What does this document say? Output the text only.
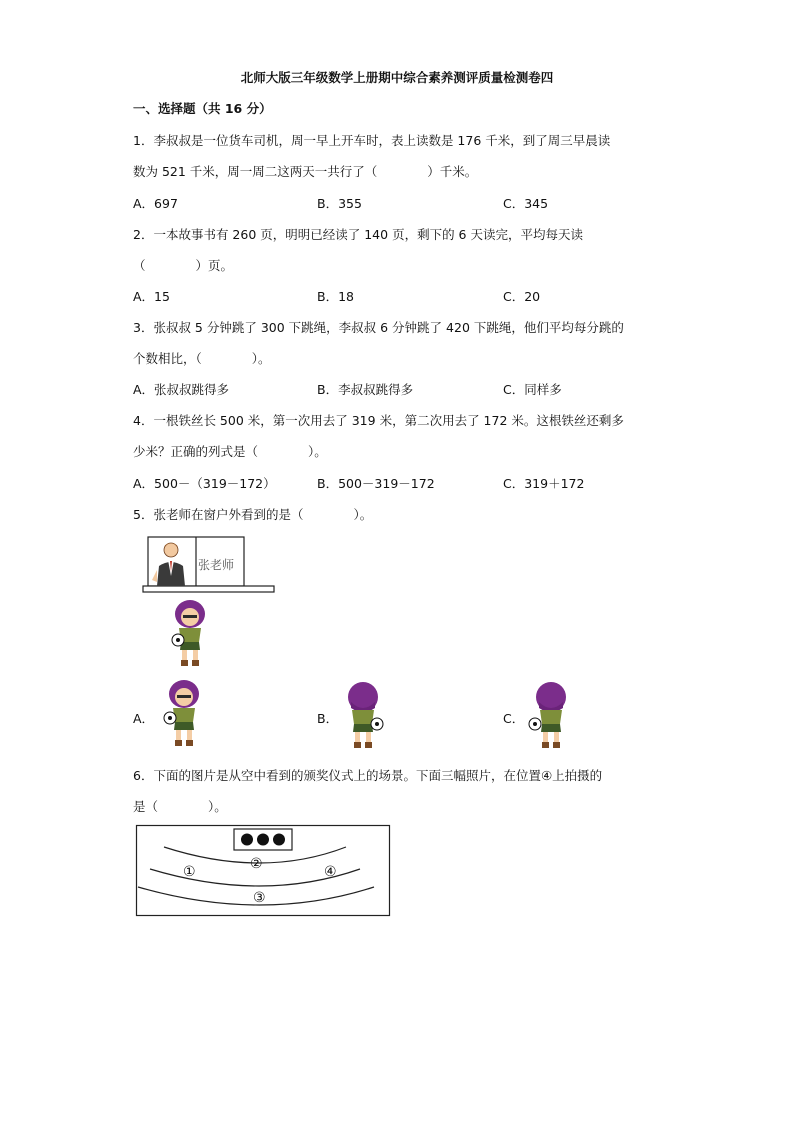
北师大版三年级数学上册期中综合素养测评质量检测卷四
一、选择题（共 16 分）
1．李叔叔是一位货车司机，周一早上开车时，表上读数是 176 千米，到了周三早晨读
数为 521 千米，周一周二这两天一共行了（　　　　）千米。
A．697	B．355	C．345
2．一本故事书有 260 页，明明已经读了 140 页，剩下的 6 天读完，平均每天读
（　　　　）页。
A．15	B．18	C．20
3．张叔叔 5 分钟跳了 300 下跳绳，李叔叔 6 分钟跳了 420 下跳绳，他们平均每分跳的
个数相比，（　　　　）。
A．张叔叔跳得多	B．李叔叔跳得多	C．同样多
4．一根铁丝长 500 米，第一次用去了 319 米，第二次用去了 172 米。这根铁丝还剩多
少米？正确的列式是（　　　　）。
A．500－（319－172）	B．500－319－172	C．319＋172
5．张老师在窗户外看到的是（　　　　）。
张老师
A．	B．	C．
6．下面的图片是从空中看到的颁奖仪式上的场景。下面三幅照片，在位置④上拍摄的
是（　　　　）。
②
①	④
③
